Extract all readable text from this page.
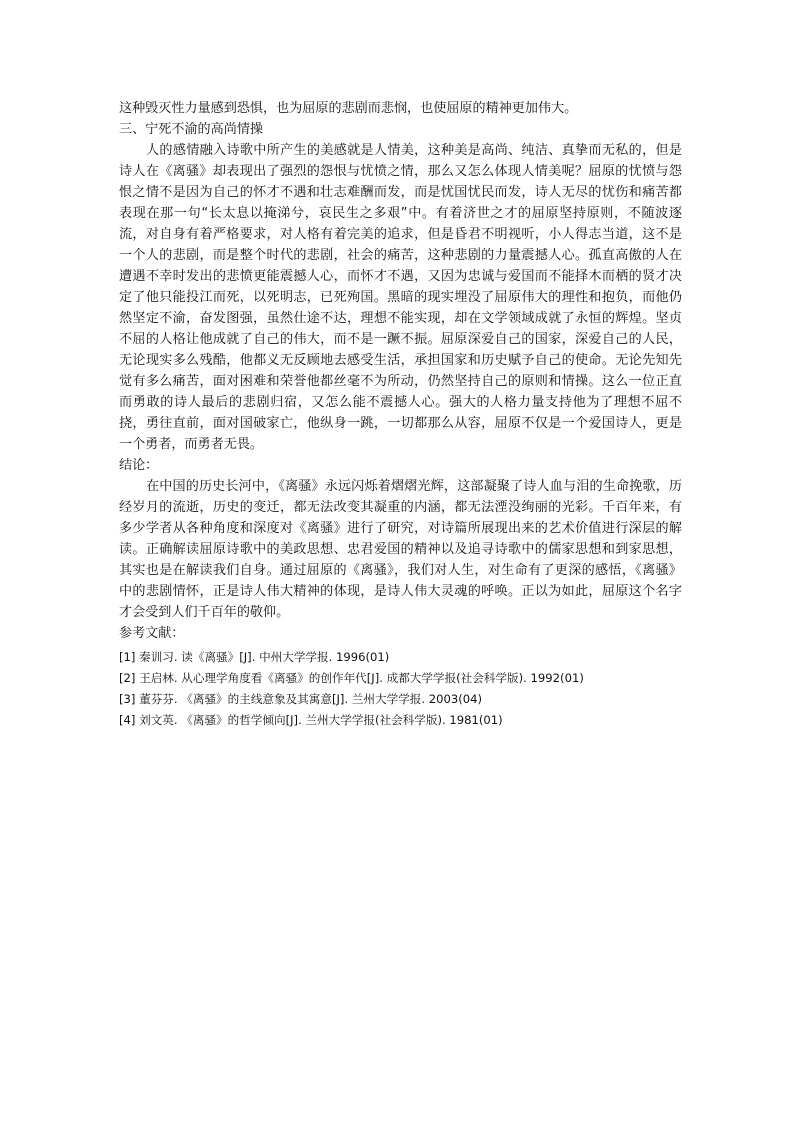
这种毁灭性力量感到恐惧，也为屈原的悲剧而悲悯，也使屈原的精神更加伟大。

三、宁死不渝的高尚情操

人的感情融入诗歌中所产生的美感就是人情美，这种美是高尚、纯洁、真挚而无私的，但是诗人在《离骚》却表现出了强烈的怨恨与忧愤之情，那么又怎么体现人情美呢？屈原的忧愤与怨恨之情不是因为自己的怀才不遇和壮志难酬而发，而是忧国忧民而发，诗人无尽的忧伤和痛苦都表现在那一句“长太息以掩涕兮，哀民生之多艰”中。有着济世之才的屈原坚持原则，不随波逐流，对自身有着严格要求，对人格有着完美的追求，但是昏君不明视听，小人得志当道，这不是一个人的悲剧，而是整个时代的悲剧，社会的痛苦，这种悲剧的力量震撼人心。孤直高傲的人在遭遇不幸时发出的悲愤更能震撼人心，而怀才不遇，又因为忠诚与爱国而不能择木而栖的贤才决定了他只能投江而死，以死明志，已死殉国。黑暗的现实埋没了屈原伟大的理性和抱负，而他仍然坚定不渝，奋发图强，虽然仕途不达，理想不能实现，却在文学领域成就了永恒的辉煌。坚贞不屈的人格让他成就了自己的伟大，而不是一蹶不振。屈原深爱自己的国家，深爱自己的人民，无论现实多么残酷，他都义无反顾地去感受生活，承担国家和历史赋予自己的使命。无论先知先觉有多么痛苦，面对困难和荣誉他都丝毫不为所动，仍然坚持自己的原则和情操。这么一位正直而勇敢的诗人最后的悲剧归宿，又怎么能不震撼人心。强大的人格力量支持他为了理想不屈不挠，勇往直前，面对国破家亡，他纵身一跳，一切都那么从容，屈原不仅是一个爱国诗人，更是一个勇者，而勇者无畏。

结论：

在中国的历史长河中，《离骚》永远闪烁着熠熠光辉，这部凝聚了诗人血与泪的生命挽歌，历经岁月的流逝，历史的变迁，都无法改变其凝重的内涵，都无法湮没绚丽的光彩。千百年来，有多少学者从各种角度和深度对《离骚》进行了研究，对诗篇所展现出来的艺术价值进行深层的解读。正确解读屈原诗歌中的美政思想、忠君爱国的精神以及追寻诗歌中的儒家思想和到家思想，其实也是在解读我们自身。通过屈原的《离骚》，我们对人生，对生命有了更深的感悟，《离骚》中的悲剧情怀，正是诗人伟大精神的体现，是诗人伟大灵魂的呼唤。正以为如此，屈原这个名字才会受到人们千百年的敬仰。

参考文献：

[1] 秦训习. 读《离骚》[J]. 中州大学学报. 1996(01)

[2] 王启林. 从心理学角度看《离骚》的创作年代[J]. 成都大学学报(社会科学版). 1992(01)

[3] 董芬芬. 《离骚》的主线意象及其寓意[J]. 兰州大学学报. 2003(04)

[4] 刘文英. 《离骚》的哲学倾向[J]. 兰州大学学报(社会科学版). 1981(01)
